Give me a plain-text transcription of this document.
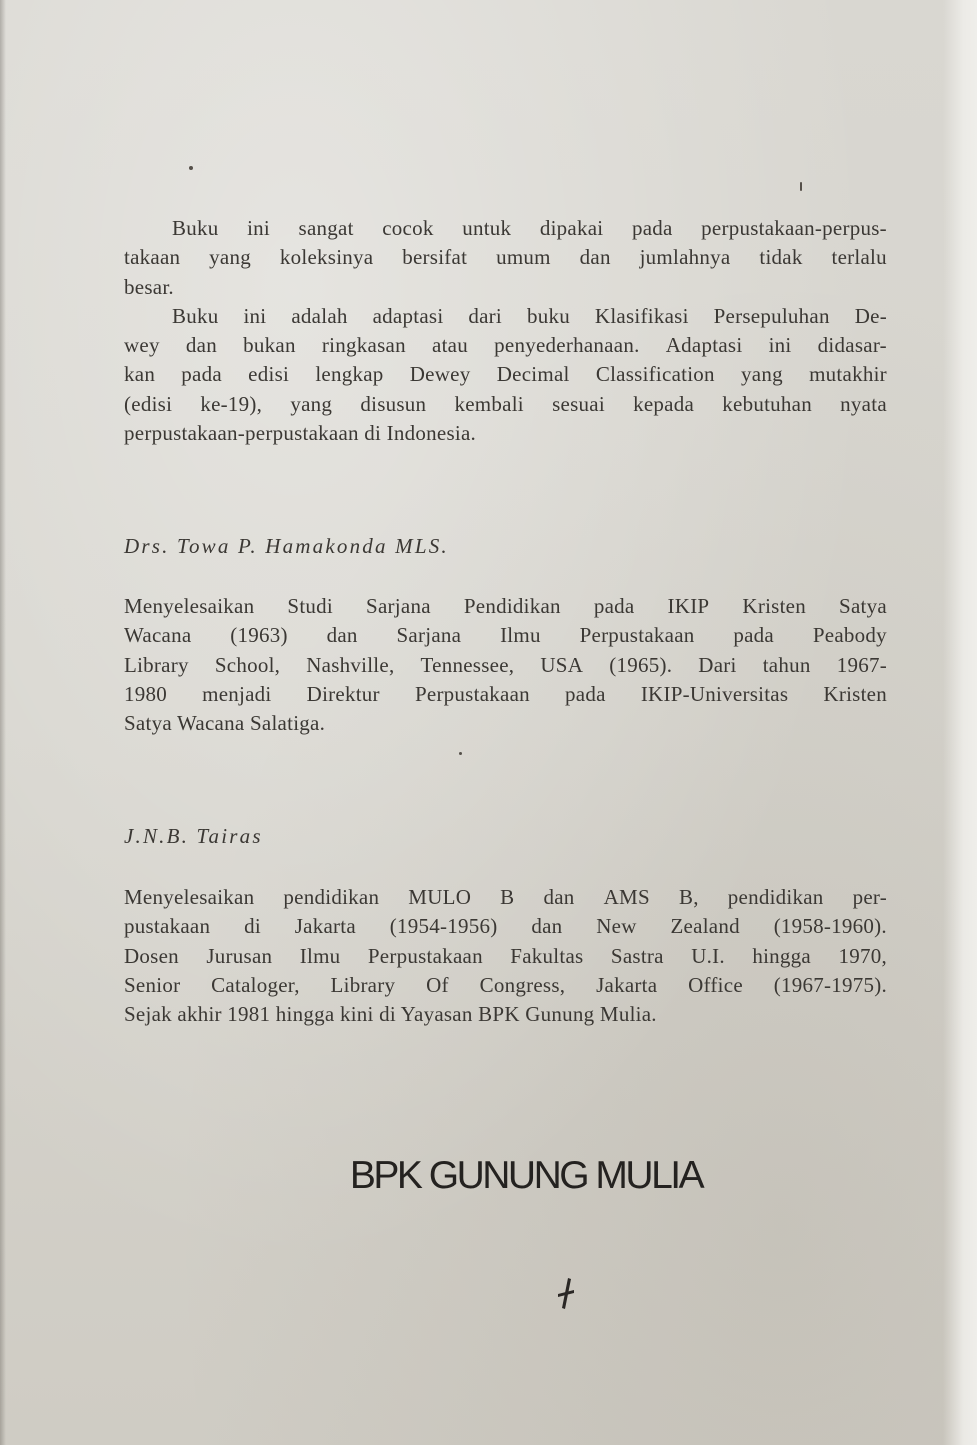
Buku ini sangat cocok untuk dipakai pada perpustakaan-perpus-
takaan yang koleksinya bersifat umum dan jumlahnya tidak terlalu
besar.
Buku ini adalah adaptasi dari buku Klasifikasi Persepuluhan De-
wey dan bukan ringkasan atau penyederhanaan. Adaptasi ini didasar-
kan pada edisi lengkap Dewey Decimal Classification yang mutakhir
(edisi ke-19), yang disusun kembali sesuai kepada kebutuhan nyata
perpustakaan-perpustakaan di Indonesia.
Drs. Towa P. Hamakonda MLS.
Menyelesaikan Studi Sarjana Pendidikan pada IKIP Kristen Satya
Wacana (1963) dan Sarjana Ilmu Perpustakaan pada Peabody
Library School, Nashville, Tennessee, USA (1965). Dari tahun 1967-
1980 menjadi Direktur Perpustakaan pada IKIP-Universitas Kristen
Satya Wacana Salatiga.
J.N.B. Tairas
Menyelesaikan pendidikan MULO B dan AMS B, pendidikan per-
pustakaan di Jakarta (1954-1956) dan New Zealand (1958-1960).
Dosen Jurusan Ilmu Perpustakaan Fakultas Sastra U.I. hingga 1970,
Senior Cataloger, Library Of Congress, Jakarta Office (1967-1975).
Sejak akhir 1981 hingga kini di Yayasan BPK Gunung Mulia.
BPK GUNUNG MULIA
